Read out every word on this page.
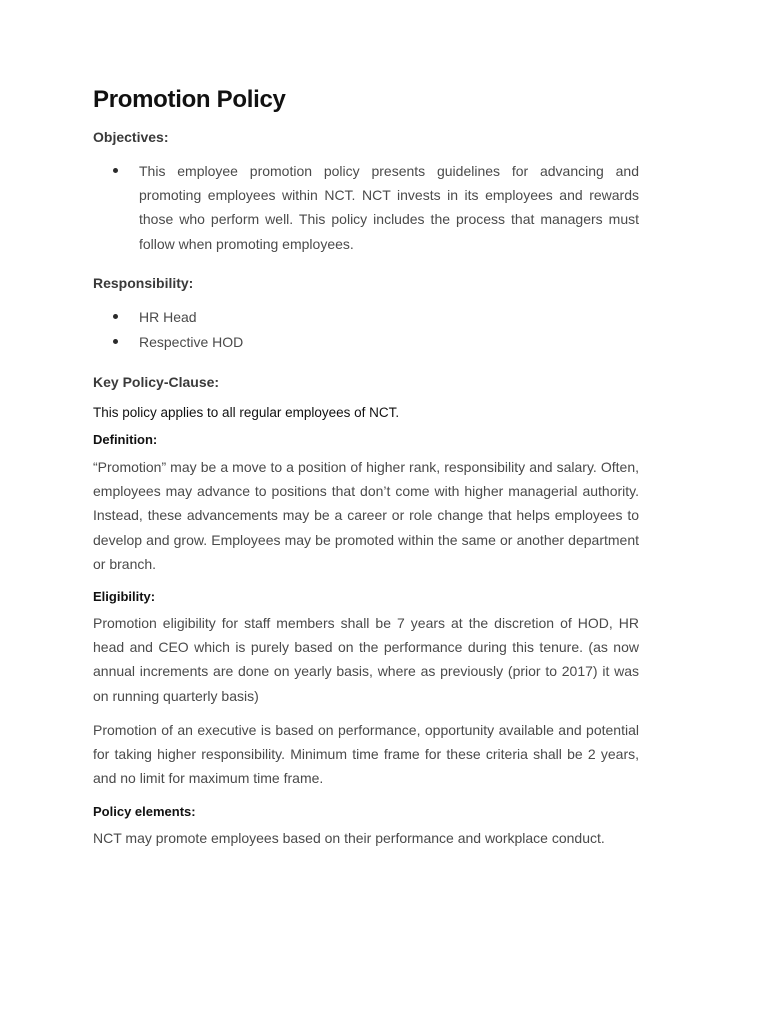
Promotion Policy
Objectives:

This employee promotion policy presents guidelines for advancing and promoting employees within NCT. NCT invests in its employees and rewards those who perform well. This policy includes the process that managers must follow when promoting employees.

Responsibility:

HR Head

Respective HOD

Key Policy-Clause:

This policy applies to all regular employees of NCT.

Definition:

“Promotion” may be a move to a position of higher rank, responsibility and salary. Often, employees may advance to positions that don’t come with higher managerial authority. Instead, these advancements may be a career or role change that helps employees to develop and grow. Employees may be promoted within the same or another department or branch.

Eligibility:

Promotion eligibility for staff members shall be 7 years at the discretion of HOD, HR head and CEO which is purely based on the performance during this tenure. (as now annual increments are done on yearly basis, where as previously (prior to 2017) it was on running quarterly basis)

Promotion of an executive is based on performance, opportunity available and potential for taking higher responsibility. Minimum time frame for these criteria shall be 2 years, and no limit for maximum time frame.

Policy elements:

NCT may promote employees based on their performance and workplace conduct.
